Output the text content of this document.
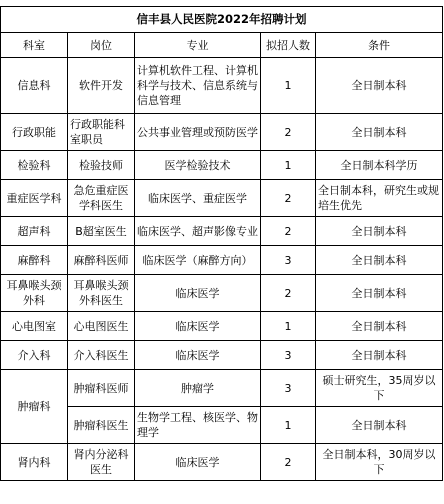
信丰县人民医院2022年招聘计划				
科室	岗位	专业	拟招人数	条件
信息科	软件开发	计算机软件工程、计算机科学与技术、信息系统与信息管理	1	全日制本科
行政职能	行政职能科室职员	公共事业管理或预防医学	2	全日制本科
检验科	检验技师	医学检验技术	1	全日制本科学历
重症医学科	急危重症医学科医生	临床医学、重症医学	2	全日制本科，研究生或规培生优先
超声科	B超室医生	临床医学、超声影像专业	2	全日制本科
麻醉科	麻醉科医师	临床医学（麻醉方向）	3	全日制本科
耳鼻喉头颈外科	耳鼻喉头颈外科医生	临床医学	2	全日制本科
心电图室	心电图医生	临床医学	1	全日制本科
介入科	介入科医生	临床医学	3	全日制本科
肿瘤科	肿瘤科医师	肿瘤学	3	硕士研究生，35周岁以下
	肿瘤科医生	生物学工程、核医学、物理学	1	全日制本科
肾内科	肾内分泌科医生	临床医学	2	全日制本科，30周岁以下
